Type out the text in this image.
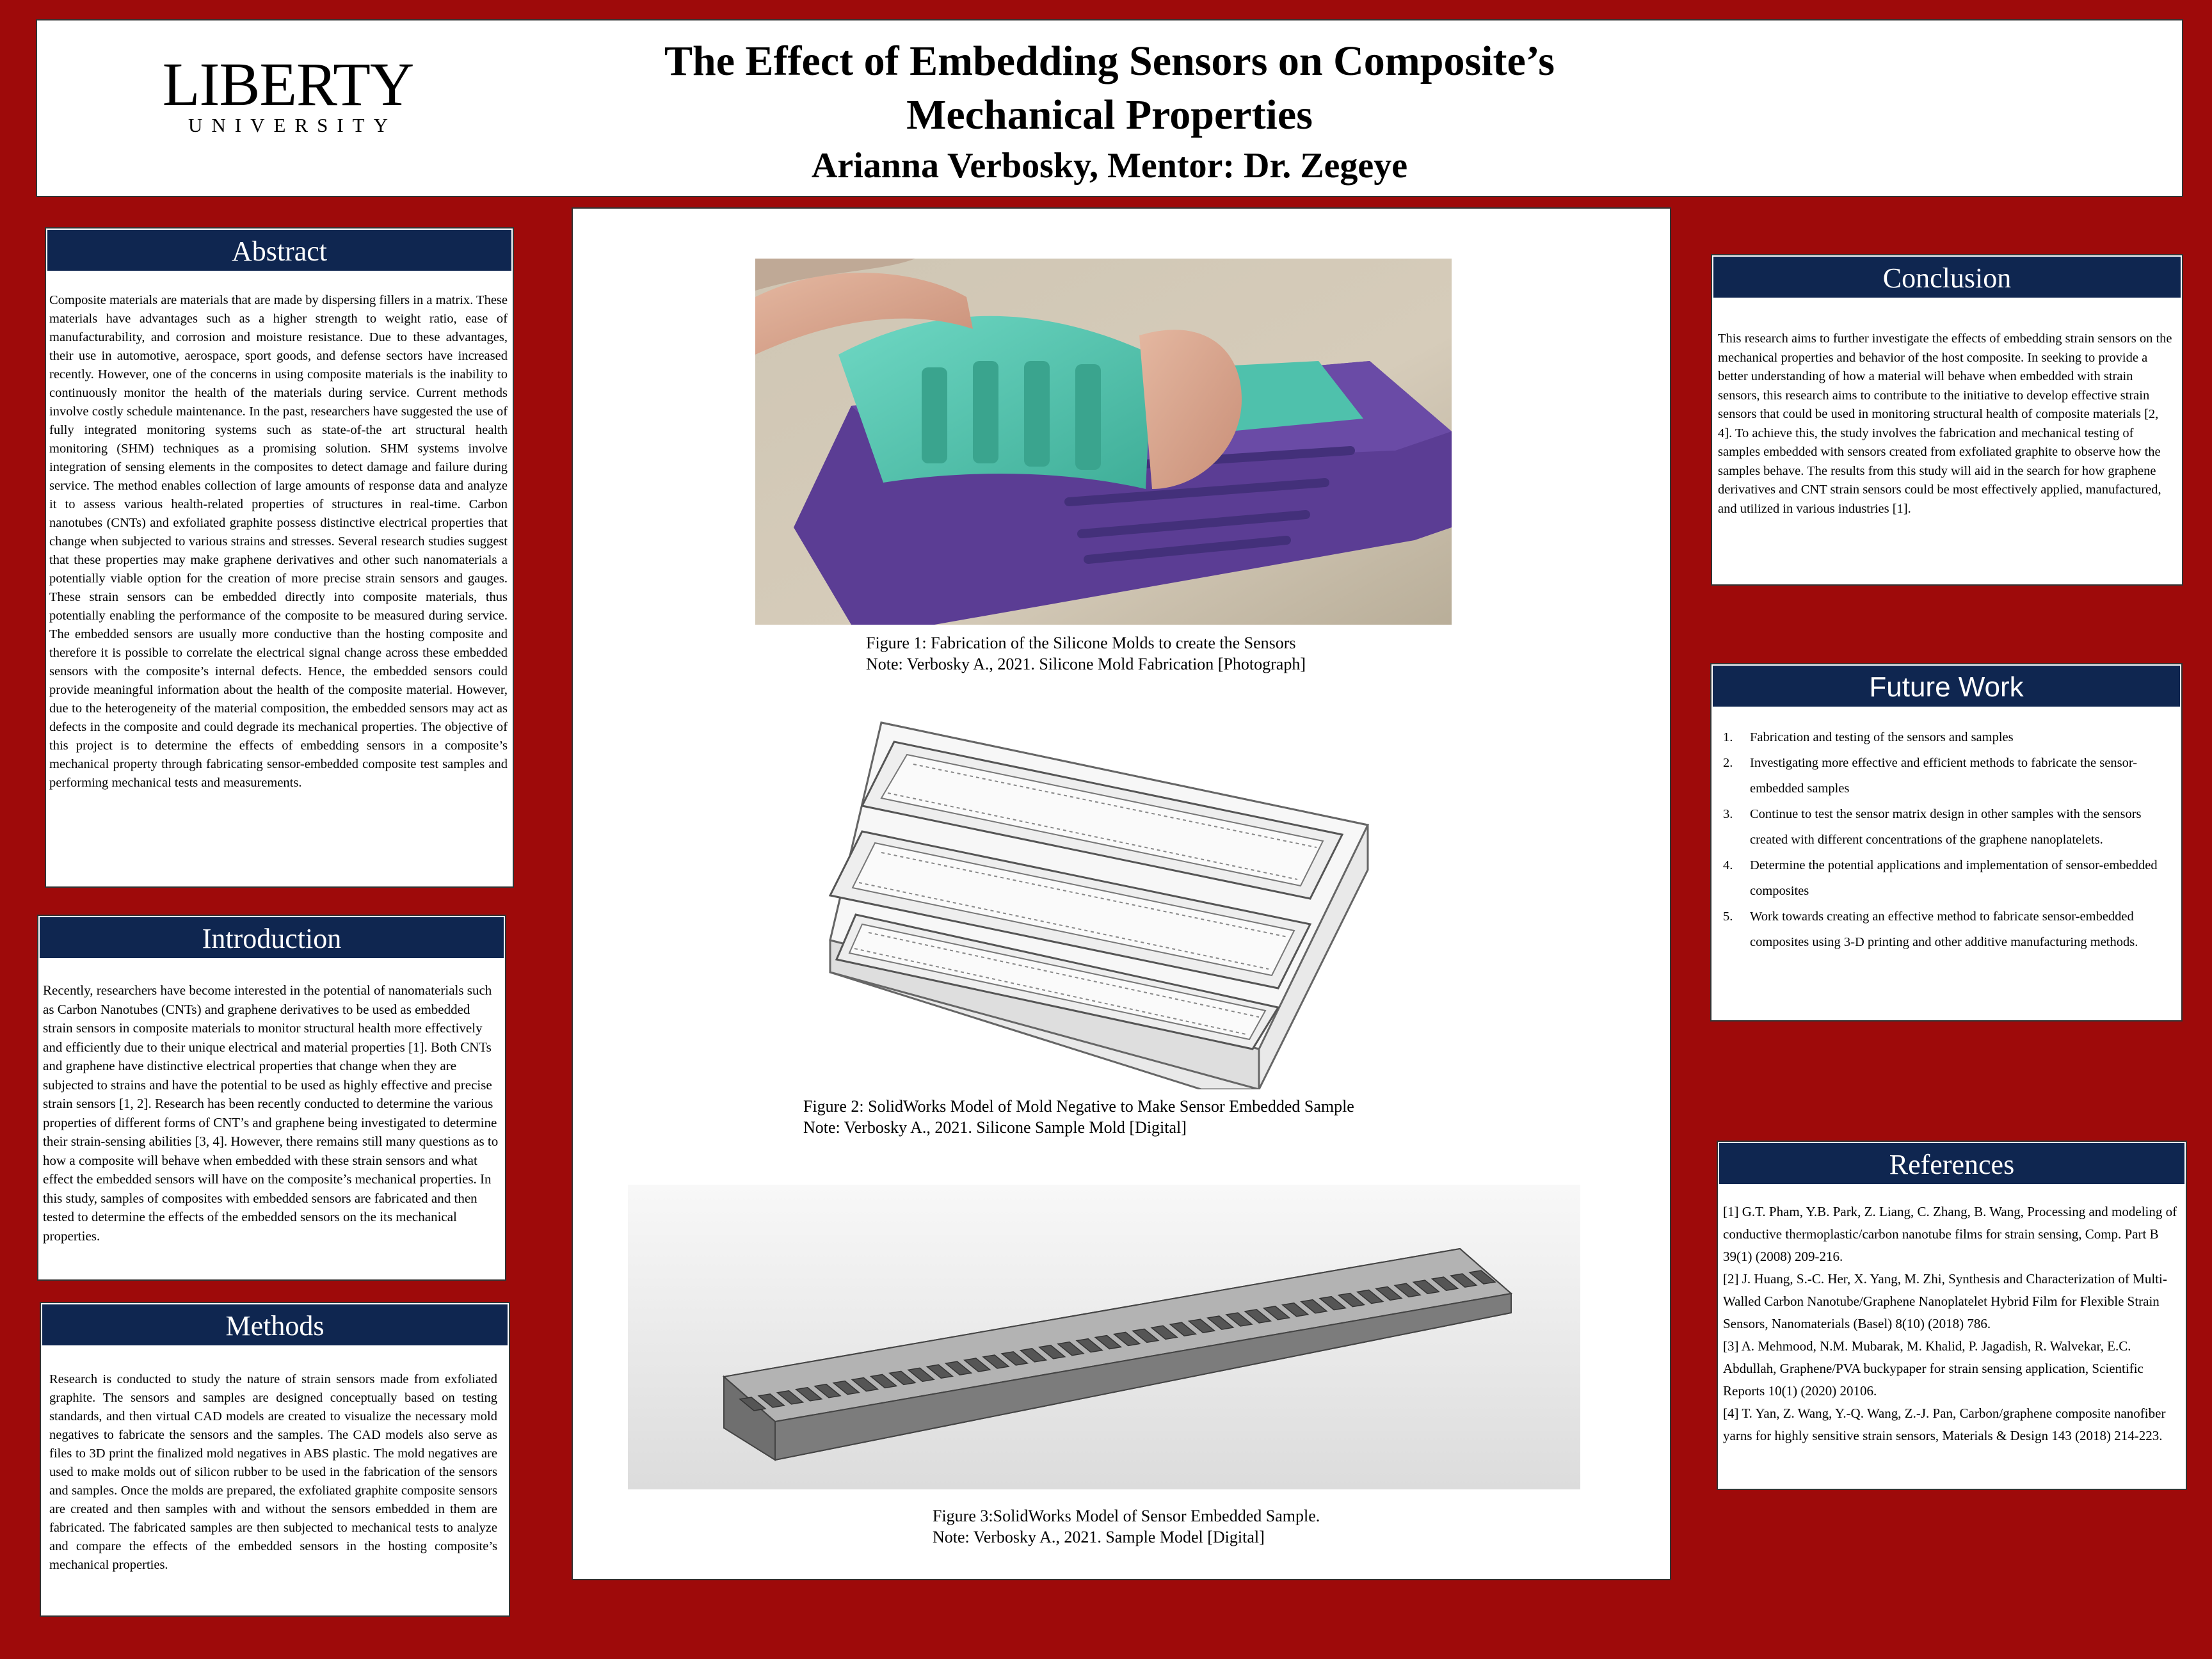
LIBERTY
UNIVERSITY
The Effect of Embedding Sensors on Composite’s
Mechanical Properties
Arianna Verbosky, Mentor: Dr. Zegeye
Abstract
Composite materials are materials that are made by dispersing fillers in a matrix. These materials have advantages such as a higher strength to weight ratio, ease of manufacturability, and corrosion and moisture resistance. Due to these advantages, their use in automotive, aerospace, sport goods, and defense sectors have increased recently. However, one of the concerns in using composite materials is the inability to continuously monitor the health of the materials during service. Current methods involve costly schedule maintenance. In the past, researchers have suggested the use of fully integrated monitoring systems such as state-of-the art structural health monitoring (SHM) techniques as a promising solution. SHM systems involve integration of sensing elements in the composites to detect damage and failure during service. The method enables collection of large amounts of response data and analyze it to assess various health-related properties of structures in real-time. Carbon nanotubes (CNTs) and exfoliated graphite possess distinctive electrical properties that change when subjected to various strains and stresses. Several research studies suggest that these properties may make graphene derivatives and other such nanomaterials a potentially viable option for the creation of more precise strain sensors and gauges. These strain sensors can be embedded directly into composite materials, thus potentially enabling the performance of the composite to be measured during service. The embedded sensors are usually more conductive than the hosting composite and therefore it is possible to correlate the electrical signal change across these embedded sensors with the composite’s internal defects. Hence, the embedded sensors could provide meaningful information about the health of the composite material. However, due to the heterogeneity of the material composition, the embedded sensors may act as defects in the composite and could degrade its mechanical properties. The objective of this project is to determine the effects of embedding sensors in a composite’s mechanical property through fabricating sensor-embedded composite test samples and performing mechanical tests and measurements.
Introduction
Recently, researchers have become interested in the potential of nanomaterials such as Carbon Nanotubes (CNTs) and graphene derivatives to be used as embedded strain sensors in composite materials to monitor structural health more effectively and efficiently due to their unique electrical and material properties [1]. Both CNTs and graphene have distinctive electrical properties that change when they are subjected to strains and have the potential to be used as highly effective and precise strain sensors [1, 2]. Research has been recently conducted to determine the various properties of different forms of CNT’s and graphene being investigated to determine their strain-sensing abilities [3, 4]. However, there remains still many questions as to how a composite will behave when embedded with these strain sensors and what effect the embedded sensors will have on the composite’s mechanical properties. In this study, samples of composites with embedded sensors are fabricated and then tested to determine the effects of the embedded sensors on the its mechanical properties.
Methods
Research is conducted to study the nature of strain sensors made from exfoliated graphite. The sensors and samples are designed conceptually based on testing standards, and then virtual CAD models are created to visualize the necessary mold negatives to fabricate the sensors and the samples. The CAD models also serve as files to 3D print the finalized mold negatives in ABS plastic. The mold negatives are used to make molds out of silicon rubber to be used in the fabrication of the sensors and samples. Once the molds are prepared, the exfoliated graphite composite sensors are created and then samples with and without the sensors embedded in them are fabricated. The fabricated samples are then subjected to mechanical tests to analyze and compare the effects of the embedded sensors in the hosting composite’s mechanical properties.
Figure 1: Fabrication of the Silicone Molds to create the Sensors
Note: Verbosky A., 2021. Silicone Mold Fabrication [Photograph]
Figure 2: SolidWorks Model of Mold Negative to Make Sensor Embedded Sample
Note: Verbosky A., 2021. Silicone Sample Mold [Digital]
Figure 3:SolidWorks Model of Sensor Embedded Sample.
Note: Verbosky A., 2021. Sample Model [Digital]
Conclusion
This research aims to further investigate the effects of embedding strain sensors on the mechanical properties and behavior of the host composite. In seeking to provide a better understanding of how a material will behave when embedded with strain sensors, this research aims to contribute to the initiative to develop effective strain sensors that could be used in monitoring structural health of composite materials [2, 4]. To achieve this, the study involves the fabrication and mechanical testing of samples embedded with sensors created from exfoliated graphite to observe how the samples behave. The results from this study will aid in the search for how graphene derivatives and CNT strain sensors could be most effectively applied, manufactured, and utilized in various industries [1].
Future Work
1. Fabrication and testing of the sensors and samples
2. Investigating more effective and efficient methods to fabricate the sensor-embedded samples
3. Continue to test the sensor matrix design in other samples with the sensors created with different concentrations of the graphene nanoplatelets.
4. Determine the potential applications and implementation of sensor-embedded composites
5. Work towards creating an effective method to fabricate sensor-embedded composites using 3-D printing and other additive manufacturing methods.
References

[1] G.T. Pham, Y.B. Park, Z. Liang, C. Zhang, B. Wang, Processing and modeling of conductive thermoplastic/carbon nanotube films for strain sensing, Comp. Part B 39(1) (2008) 209-216.

[2] J. Huang, S.-C. Her, X. Yang, M. Zhi, Synthesis and Characterization of Multi-Walled Carbon Nanotube/Graphene Nanoplatelet Hybrid Film for Flexible Strain Sensors, Nanomaterials (Basel) 8(10) (2018) 786.

[3] A. Mehmood, N.M. Mubarak, M. Khalid, P. Jagadish, R. Walvekar, E.C. Abdullah, Graphene/PVA buckypaper for strain sensing application, Scientific Reports 10(1) (2020) 20106.

[4] T. Yan, Z. Wang, Y.-Q. Wang, Z.-J. Pan, Carbon/graphene composite nanofiber yarns for highly sensitive strain sensors, Materials & Design 143 (2018) 214-223.
